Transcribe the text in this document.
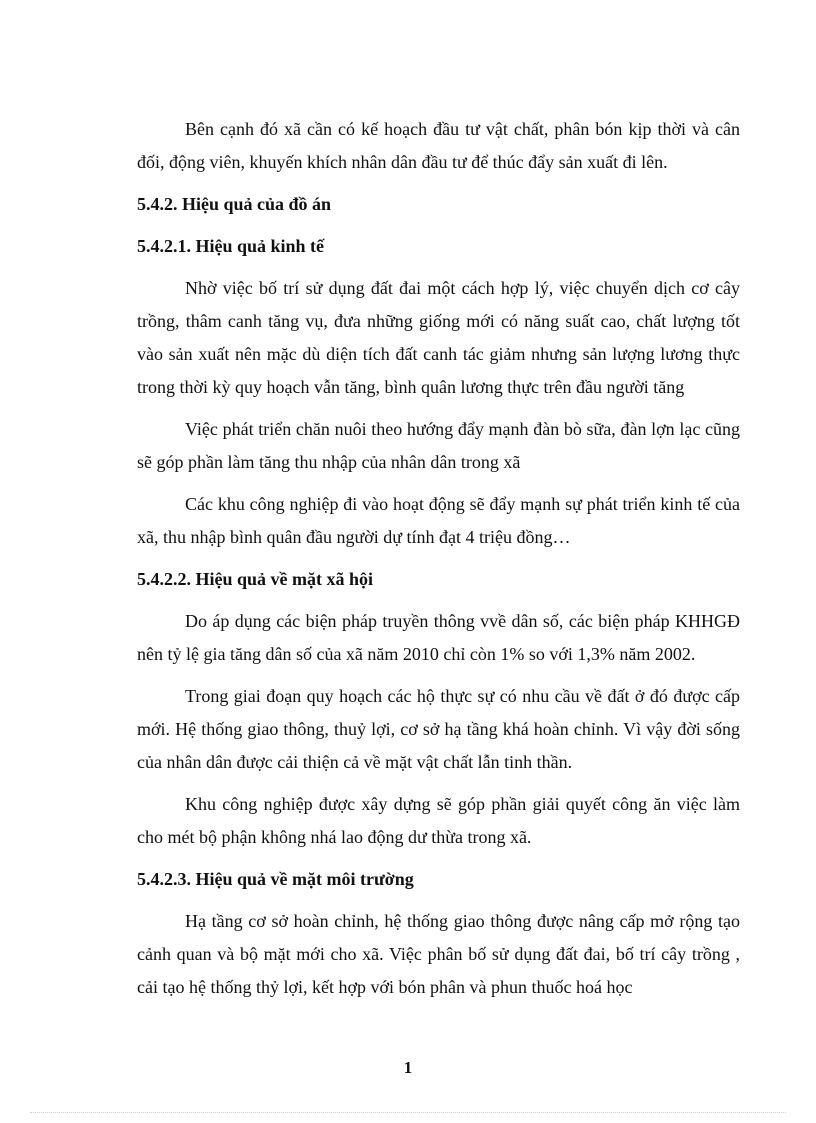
Bên cạnh đó xã cần có kế hoạch đầu tư vật chất, phân bón kịp thời và cân đối, động viên, khuyến khích nhân dân đầu tư để thúc đẩy sản xuất đi lên.

5.4.2. Hiệu quả của đồ án

5.4.2.1. Hiệu quả kinh tế

Nhờ việc bố trí sử dụng đất đai một cách hợp lý, việc chuyển dịch cơ cây trồng, thâm canh tăng vụ, đưa những giống mới có năng suất cao, chất lượng tốt vào sản xuất nên mặc dù diện tích đất canh tác giảm nhưng sản lượng lương thực trong thời kỳ quy hoạch vẫn tăng, bình quân lương thực trên đầu người tăng

Việc phát triển chăn nuôi theo hướng đẩy mạnh đàn bò sữa, đàn lợn lạc cũng sẽ góp phần làm tăng thu nhập của nhân dân trong xã

Các khu công nghiệp đi vào hoạt động sẽ đẩy mạnh sự phát triển kinh tế của xã, thu nhập bình quân đầu người dự tính đạt 4 triệu đồng…

5.4.2.2. Hiệu quả về mặt xã hội

Do áp dụng các biện pháp truyền thông vvề dân số, các biện pháp KHHGĐ nên tỷ lệ gia tăng dân số của xã năm 2010 chỉ còn 1% so với 1,3% năm 2002.

Trong giai đoạn quy hoạch các hộ thực sự có nhu cầu về đất ở đó được cấp mới. Hệ thống giao thông, thuỷ lợi, cơ sở hạ tầng khá hoàn chỉnh. Vì vậy đời sống của nhân dân được cải thiện cả về mặt vật chất lẫn tinh thần.

Khu công nghiệp được xây dựng sẽ góp phần giải quyết công ăn việc làm cho mét bộ phận không nhá lao động dư thừa trong xã.

5.4.2.3. Hiệu quả về mặt môi trường

Hạ tầng cơ sở hoàn chỉnh, hệ thống giao thông được nâng cấp mở rộng tạo cảnh quan và bộ mặt mới cho xã. Việc phân bố sử dụng đất đai, bố trí cây trồng , cải tạo hệ thống thỷ lợi, kết hợp với bón phân và phun thuốc hoá học

1
